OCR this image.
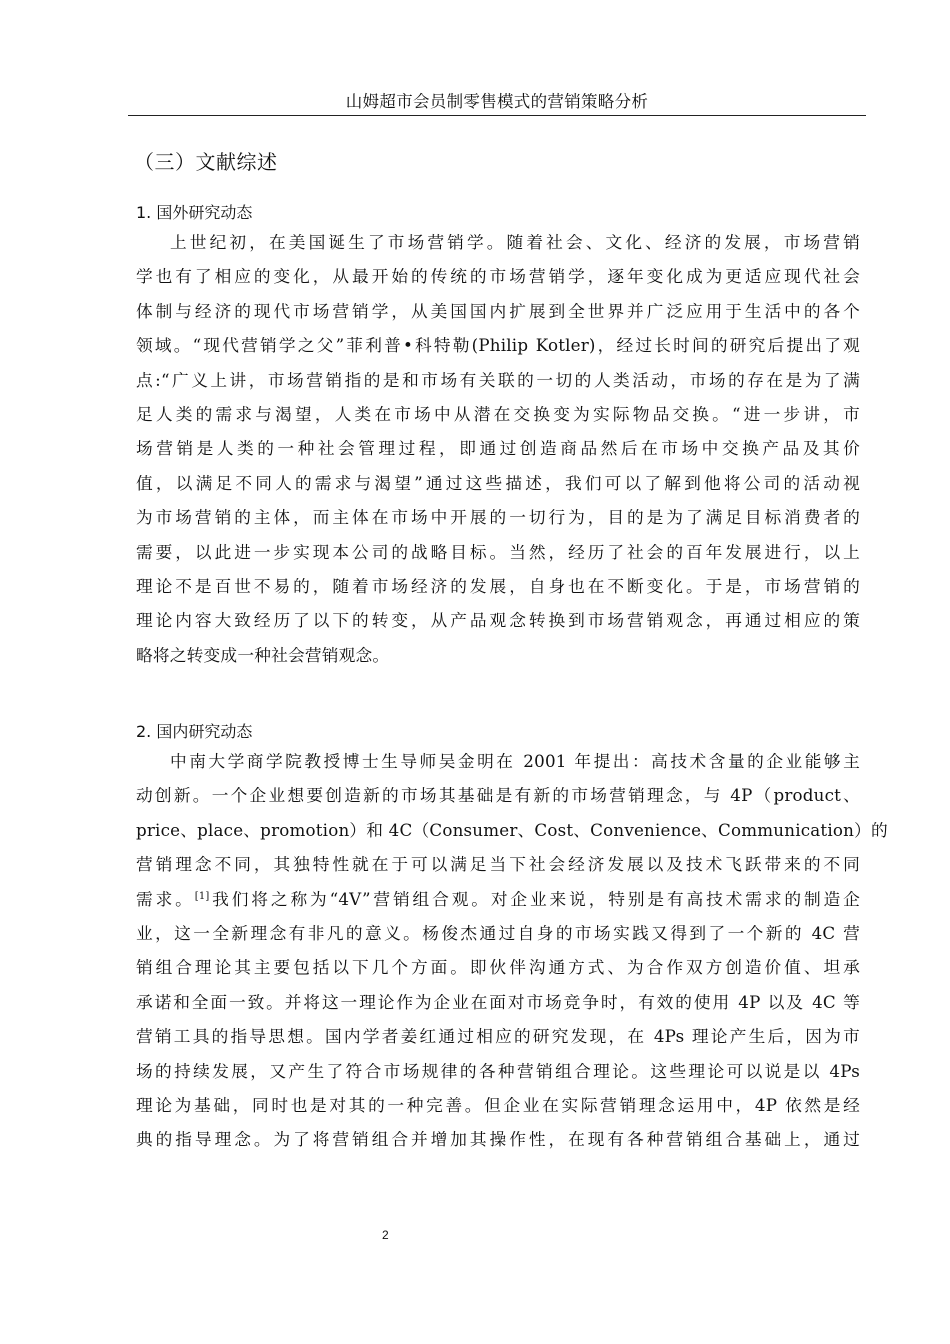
山姆超市会员制零售模式的营销策略分析
（三）文献综述
1. 国外研究动态
上世纪初，在美国诞生了市场营销学。随着社会、文化、经济的发展，市场营销
学也有了相应的变化，从最开始的传统的市场营销学，逐年变化成为更适应现代社会
体制与经济的现代市场营销学，从美国国内扩展到全世界并广泛应用于生活中的各个
领域。“现代营销学之父”菲利普•科特勒(Philip Kotler)，经过长时间的研究后提出了观
点:“广义上讲，市场营销指的是和市场有关联的一切的人类活动，市场的存在是为了满
足人类的需求与渴望，人类在市场中从潜在交换变为实际物品交换。“进一步讲，市
场营销是人类的一种社会管理过程，即通过创造商品然后在市场中交换产品及其价
值，以满足不同人的需求与渴望”通过这些描述，我们可以了解到他将公司的活动视
为市场营销的主体，而主体在市场中开展的一切行为，目的是为了满足目标消费者的
需要，以此进一步实现本公司的战略目标。当然，经历了社会的百年发展进行，以上
理论不是百世不易的，随着市场经济的发展，自身也在不断变化。于是，市场营销的
理论内容大致经历了以下的转变，从产品观念转换到市场营销观念，再通过相应的策
略将之转变成一种社会营销观念。
2. 国内研究动态
中南大学商学院教授博士生导师吴金明在 2001 年提出：高技术含量的企业能够主
动创新。一个企业想要创造新的市场其基础是有新的市场营销理念，与 4P（product、
price、place、promotion）和 4C（Consumer、Cost、Convenience、Communication）的
营销理念不同，其独特性就在于可以满足当下社会经济发展以及技术飞跃带来的不同
需求。[1]我们将之称为“4V”营销组合观。对企业来说，特别是有高技术需求的制造企
业，这一全新理念有非凡的意义。杨俊杰通过自身的市场实践又得到了一个新的 4C 营
销组合理论其主要包括以下几个方面。即伙伴沟通方式、为合作双方创造价值、坦承
承诺和全面一致。并将这一理论作为企业在面对市场竞争时，有效的使用 4P 以及 4C 等
营销工具的指导思想。国内学者姜红通过相应的研究发现，在 4Ps 理论产生后，因为市
场的持续发展，又产生了符合市场规律的各种营销组合理论。这些理论可以说是以 4Ps
理论为基础，同时也是对其的一种完善。但企业在实际营销理念运用中，4P 依然是经
典的指导理念。为了将营销组合并增加其操作性，在现有各种营销组合基础上，通过
2
